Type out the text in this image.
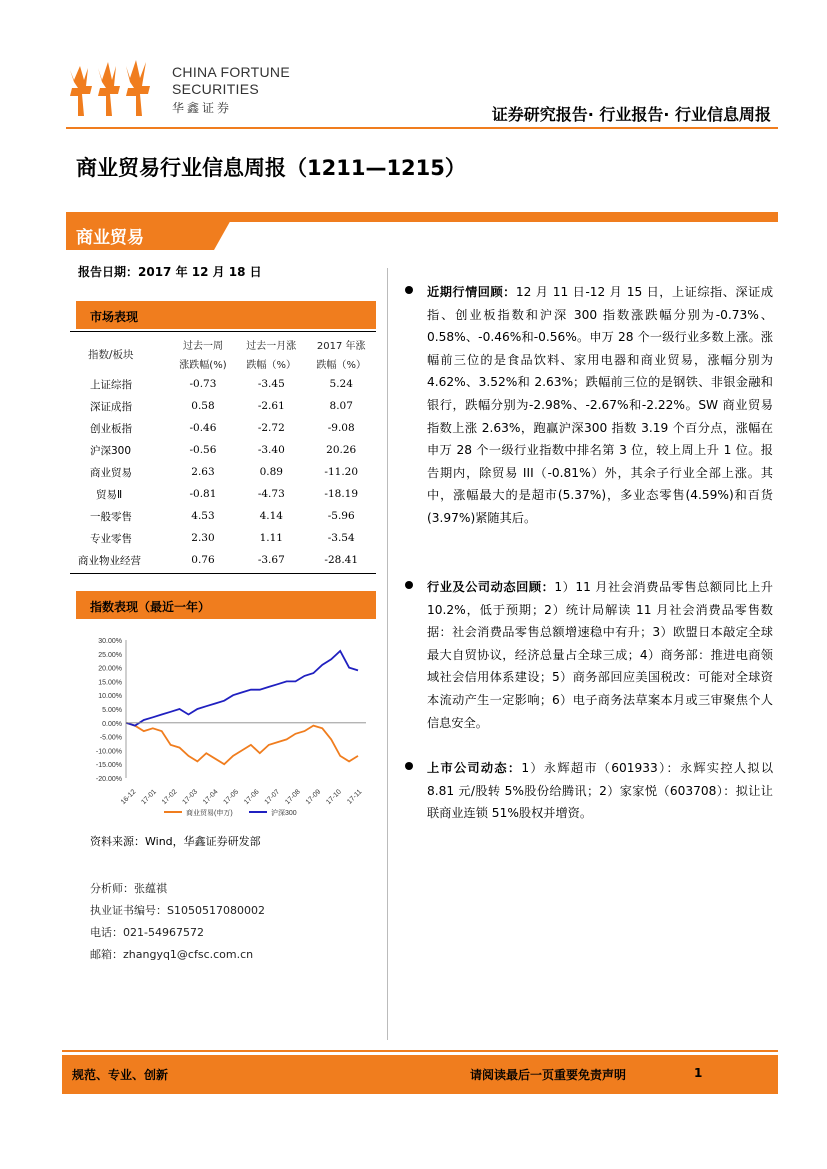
CHINA FORTUNE
SECURITIES
华鑫证券	证券研究报告· 行业报告· 行业信息周报
商业贸易行业信息周报（1211—1215）
商业贸易
报告日期：2017 年 12 月 18 日
市场表现
指数/板块	过去一周	过去一月涨	2017 年涨
	涨跌幅(%)	跌幅（%）	跌幅（%）
上证综指	-0.73	-3.45	5.24
深证成指	0.58	-2.61	8.07
创业板指	-0.46	-2.72	-9.08
沪深300	-0.56	-3.40	20.26
商业贸易	2.63	0.89	-11.20
贸易Ⅱ	-0.81	-4.73	-18.19
一般零售	4.53	4.14	-5.96
专业零售	2.30	1.11	-3.54
商业物业经营	0.76	-3.67	-28.41
指数表现（最近一年）
30.00%
25.00%
20.00%
15.00%
10.00%
5.00%
0.00%
-5.00%
-10.00%
-15.00%
-20.00%
16-12 17-01 17-02 17-03 17-04 17-05 17-06 17-07 17-08 17-09 17-10 17-11
商业贸易(申万)	沪深300
资料来源：Wind，华鑫证券研发部
分析师：张蕴祺
执业证书编号：S1050517080002
电话：021-54967572
邮箱：zhangyq1@cfsc.com.cn

近期行情回顾：12 月 11 日-12 月 15 日，上证综指、深证成指、创业板指数和沪深 300 指数涨跌幅分别为-0.73%、0.58%、-0.46%和-0.56%。申万 28 个一级行业多数上涨。涨幅前三位的是食品饮料、家用电器和商业贸易，涨幅分别为 4.62%、3.52%和 2.63%；跌幅前三位的是钢铁、非银金融和银行，跌幅分别为-2.98%、-2.67%和-2.22%。SW 商业贸易指数上涨 2.63%，跑赢沪深300 指数 3.19 个百分点，涨幅在申万 28 个一级行业指数中排名第 3 位，较上周上升 1 位。报告期内，除贸易 III（-0.81%）外，其余子行业全部上涨。其中，涨幅最大的是超市(5.37%)，多业态零售(4.59%)和百货(3.97%)紧随其后。

行业及公司动态回顾：1）11 月社会消费品零售总额同比上升 10.2%，低于预期；2）统计局解读 11 月社会消费品零售数据：社会消费品零售总额增速稳中有升；3）欧盟日本敲定全球最大自贸协议，经济总量占全球三成；4）商务部：推进电商领域社会信用体系建设；5）商务部回应美国税改：可能对全球资本流动产生一定影响；6）电子商务法草案本月或三审聚焦个人信息安全。

上市公司动态：1）永辉超市（601933）：永辉实控人拟以 8.81 元/股转 5%股份给腾讯；2）家家悦（603708）：拟让让联商业连锁 51%股权并增资。

规范、专业、创新	请阅读最后一页重要免责声明	1
